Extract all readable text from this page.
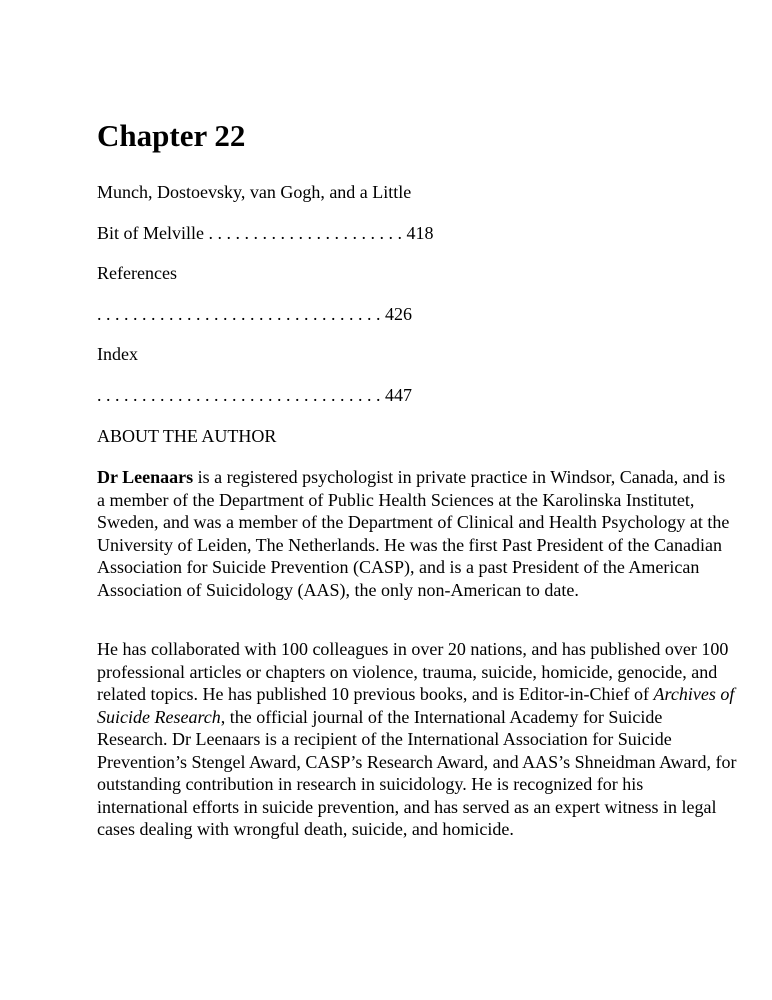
Chapter 22
Munch, Dostoevsky, van Gogh, and a Little
Bit of Melville . . . . . . . . . . . . . . . . . . . . . . 418
References
. . . . . . . . . . . . . . . . . . . . . . . . . . . . . . . . 426
Index
. . . . . . . . . . . . . . . . . . . . . . . . . . . . . . . . 447
ABOUT THE AUTHOR

Dr Leenaars is a registered psychologist in private practice in Windsor, Canada, and is a member of the Department of Public Health Sciences at the Karolinska Institutet, Sweden, and was a member of the Department of Clinical and Health Psychology at the University of Leiden, The Netherlands. He was the first Past President of the Canadian Association for Suicide Prevention (CASP), and is a past President of the American Association of Suicidology (AAS), the only non-American to date.

He has collaborated with 100 colleagues in over 20 nations, and has published over 100 professional articles or chapters on violence, trauma, suicide, homicide, genocide, and related topics. He has published 10 previous books, and is Editor-in-Chief of Archives of Suicide Research, the official journal of the International Academy for Suicide Research. Dr Leenaars is a recipient of the International Association for Suicide Prevention’s Stengel Award, CASP’s Research Award, and AAS’s Shneidman Award, for outstanding contribution in research in suicidology. He is recognized for his international efforts in suicide prevention, and has served as an expert witness in legal cases dealing with wrongful death, suicide, and homicide.
